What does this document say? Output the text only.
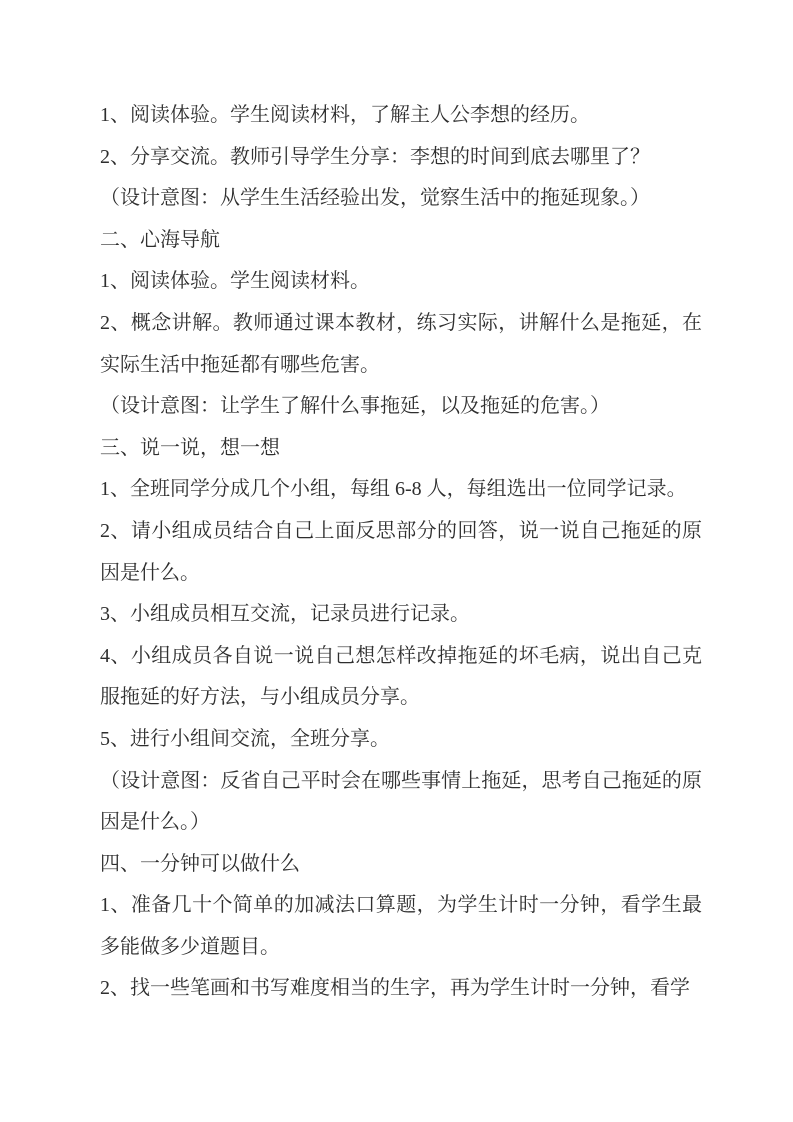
1、阅读体验。学生阅读材料，了解主人公李想的经历。

2、分享交流。教师引导学生分享：李想的时间到底去哪里了？

（设计意图：从学生生活经验出发，觉察生活中的拖延现象。）

二、心海导航

1、阅读体验。学生阅读材料。

2、概念讲解。教师通过课本教材，练习实际，讲解什么是拖延，在实际生活中拖延都有哪些危害。

（设计意图：让学生了解什么事拖延，以及拖延的危害。）

三、说一说，想一想

1、全班同学分成几个小组，每组 6-8 人，每组选出一位同学记录。

2、请小组成员结合自己上面反思部分的回答，说一说自己拖延的原因是什么。

3、小组成员相互交流，记录员进行记录。

4、小组成员各自说一说自己想怎样改掉拖延的坏毛病，说出自己克服拖延的好方法，与小组成员分享。

5、进行小组间交流，全班分享。

（设计意图：反省自己平时会在哪些事情上拖延，思考自己拖延的原因是什么。）

四、一分钟可以做什么

1、准备几十个简单的加减法口算题，为学生计时一分钟，看学生最多能做多少道题目。

2、找一些笔画和书写难度相当的生字，再为学生计时一分钟，看学
